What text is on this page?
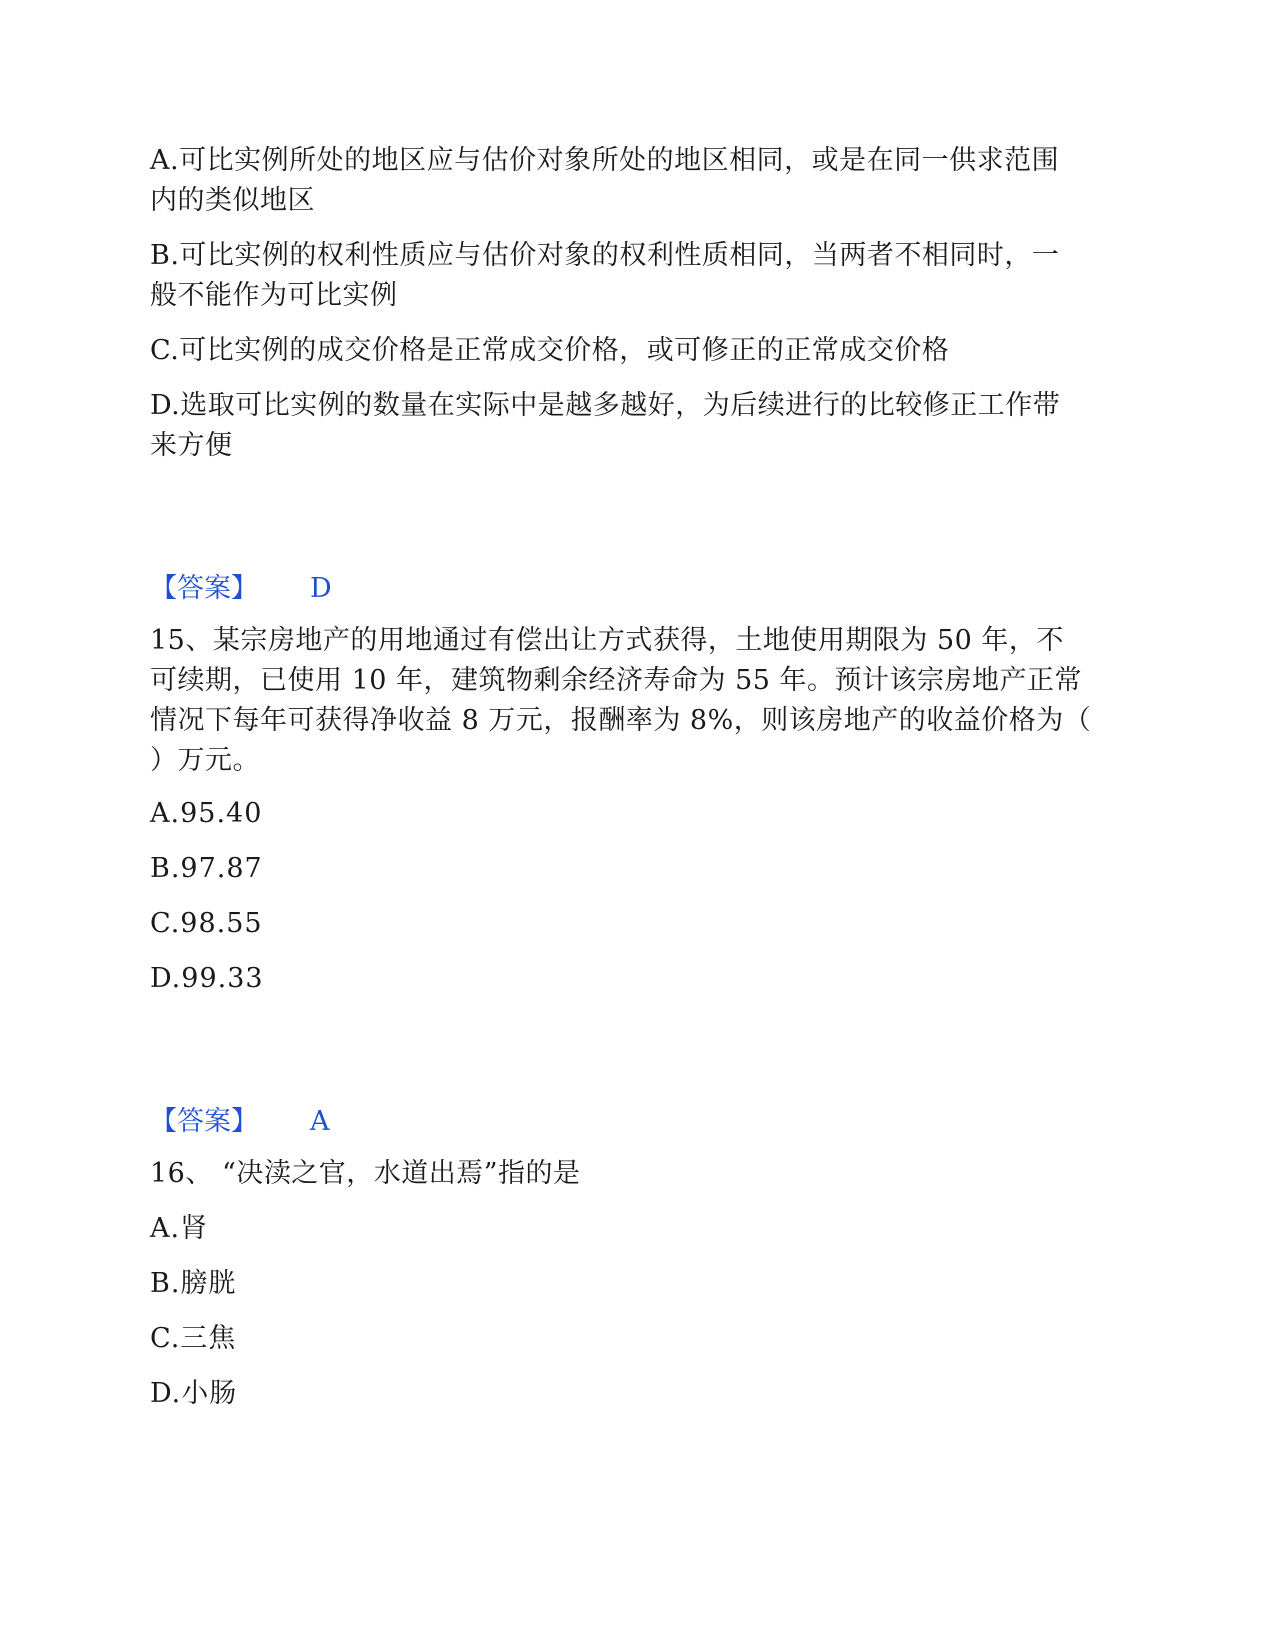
A.可比实例所处的地区应与估价对象所处的地区相同，或是在同一供求范围
内的类似地区
B.可比实例的权利性质应与估价对象的权利性质相同，当两者不相同时，一
般不能作为可比实例
C.可比实例的成交价格是正常成交价格，或可修正的正常成交价格
D.选取可比实例的数量在实际中是越多越好，为后续进行的比较修正工作带
来方便
【答案】 D
15、某宗房地产的用地通过有偿出让方式获得，土地使用期限为 50 年，不
可续期，已使用 10 年，建筑物剩余经济寿命为 55 年。预计该宗房地产正常
情况下每年可获得净收益 8 万元，报酬率为 8%，则该房地产的收益价格为（
）万元。
A.95.40
B.97.87
C.98.55
D.99.33
【答案】 A
16、 “决渎之官，水道出焉”指的是
A.肾
B.膀胱
C.三焦
D.小肠
